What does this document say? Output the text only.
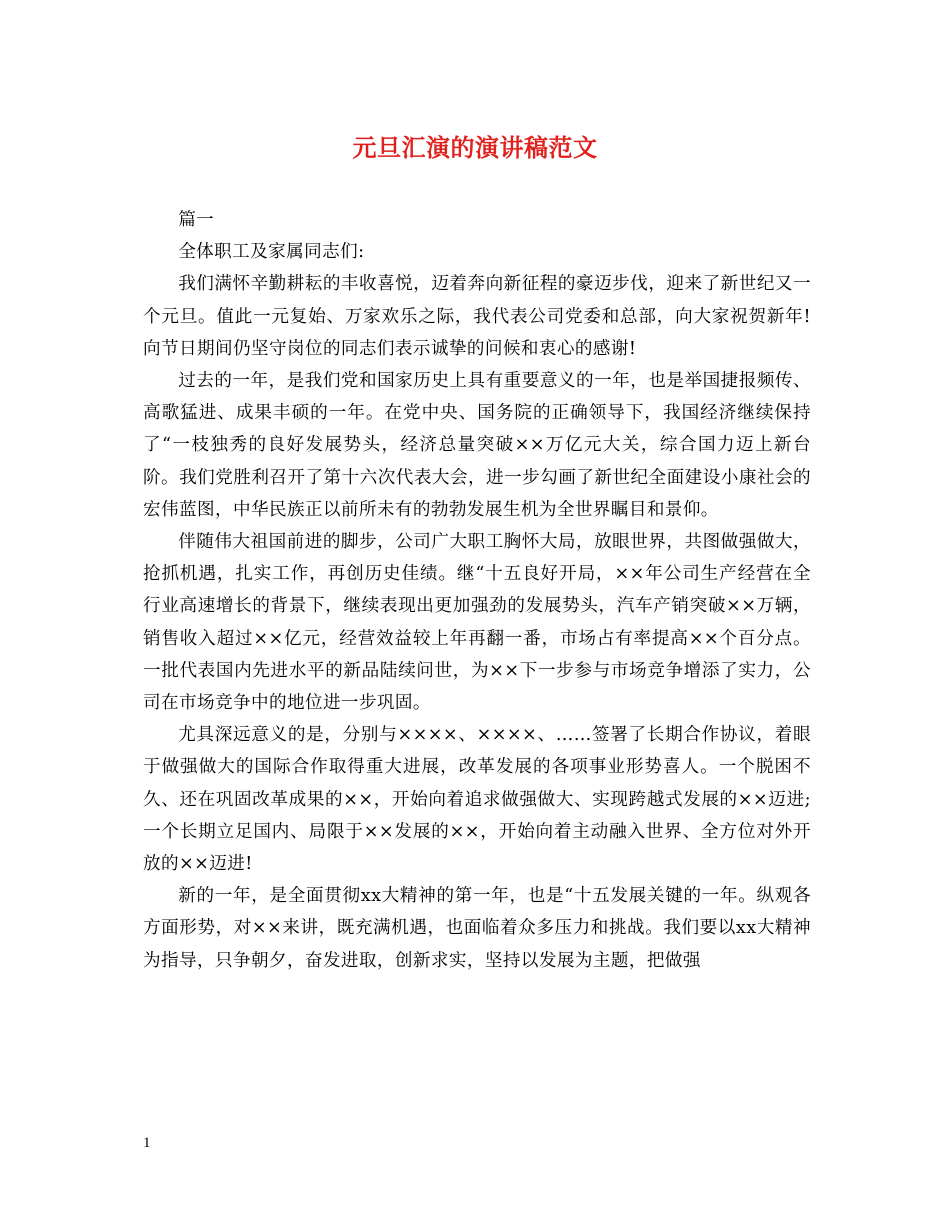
元旦汇演的演讲稿范文

篇一

全体职工及家属同志们:

我们满怀辛勤耕耘的丰收喜悦，迈着奔向新征程的豪迈步伐，迎来了新世纪又一个元旦。值此一元复始、万家欢乐之际，我代表公司党委和总部，向大家祝贺新年!向节日期间仍坚守岗位的同志们表示诚挚的问候和衷心的感谢!

过去的一年，是我们党和国家历史上具有重要意义的一年，也是举国捷报频传、高歌猛进、成果丰硕的一年。在党中央、国务院的正确领导下，我国经济继续保持了“一枝独秀的良好发展势头，经济总量突破××万亿元大关，综合国力迈上新台阶。我们党胜利召开了第十六次代表大会，进一步勾画了新世纪全面建设小康社会的宏伟蓝图，中华民族正以前所未有的勃勃发展生机为全世界瞩目和景仰。

伴随伟大祖国前进的脚步，公司广大职工胸怀大局，放眼世界，共图做强做大，抢抓机遇，扎实工作，再创历史佳绩。继“十五良好开局，××年公司生产经营在全行业高速增长的背景下，继续表现出更加强劲的发展势头，汽车产销突破××万辆，销售收入超过××亿元，经营效益较上年再翻一番，市场占有率提高××个百分点。一批代表国内先进水平的新品陆续问世，为××下一步参与市场竞争增添了实力，公司在市场竞争中的地位进一步巩固。

尤具深远意义的是，分别与××××、××××、……签署了长期合作协议，着眼于做强做大的国际合作取得重大进展，改革发展的各项事业形势喜人。一个脱困不久、还在巩固改革成果的××，开始向着追求做强做大、实现跨越式发展的××迈进;一个长期立足国内、局限于××发展的××，开始向着主动融入世界、全方位对外开放的××迈进!

新的一年，是全面贯彻xx大精神的第一年，也是“十五发展关键的一年。纵观各方面形势，对××来讲，既充满机遇，也面临着众多压力和挑战。我们要以xx大精神为指导，只争朝夕，奋发进取，创新求实，坚持以发展为主题，把做强

1
